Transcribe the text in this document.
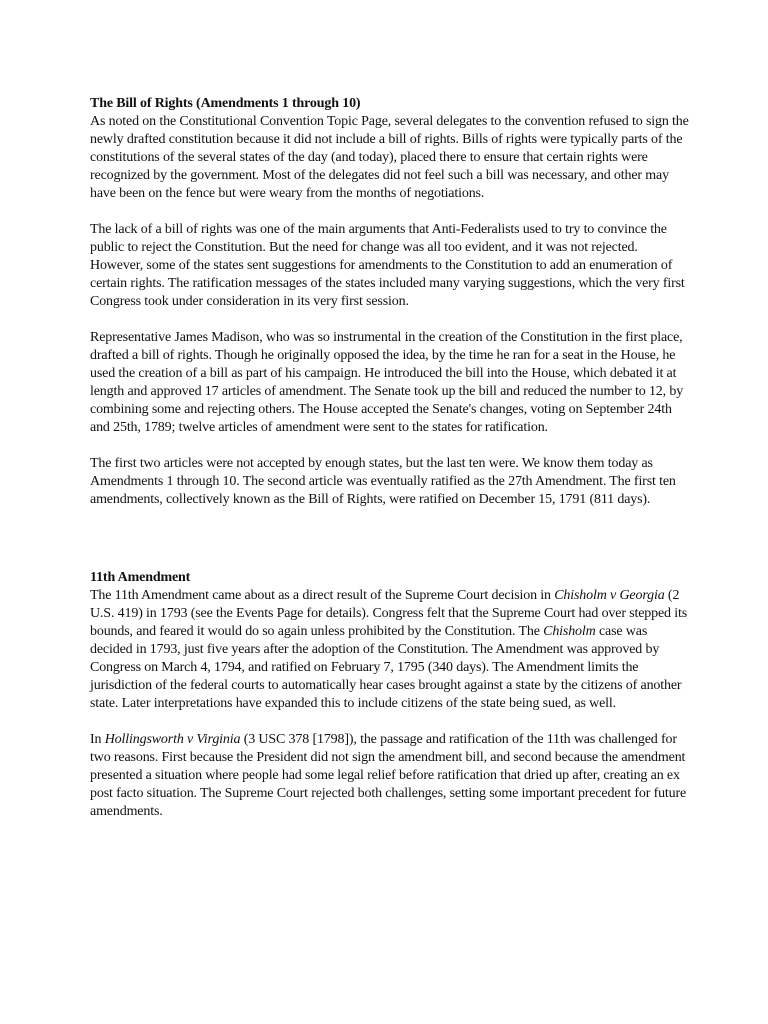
The Bill of Rights (Amendments 1 through 10)

As noted on the Constitutional Convention Topic Page, several delegates to the convention refused to sign the newly drafted constitution because it did not include a bill of rights. Bills of rights were typically parts of the constitutions of the several states of the day (and today), placed there to ensure that certain rights were recognized by the government. Most of the delegates did not feel such a bill was necessary, and other may have been on the fence but were weary from the months of negotiations.

The lack of a bill of rights was one of the main arguments that Anti-Federalists used to try to convince the public to reject the Constitution. But the need for change was all too evident, and it was not rejected. However, some of the states sent suggestions for amendments to the Constitution to add an enumeration of certain rights. The ratification messages of the states included many varying suggestions, which the very first Congress took under consideration in its very first session.

Representative James Madison, who was so instrumental in the creation of the Constitution in the first place, drafted a bill of rights. Though he originally opposed the idea, by the time he ran for a seat in the House, he used the creation of a bill as part of his campaign. He introduced the bill into the House, which debated it at length and approved 17 articles of amendment. The Senate took up the bill and reduced the number to 12, by combining some and rejecting others. The House accepted the Senate's changes, voting on September 24th and 25th, 1789; twelve articles of amendment were sent to the states for ratification.

The first two articles were not accepted by enough states, but the last ten were. We know them today as Amendments 1 through 10. The second article was eventually ratified as the 27th Amendment. The first ten amendments, collectively known as the Bill of Rights, were ratified on December 15, 1791 (811 days).

11th Amendment

The 11th Amendment came about as a direct result of the Supreme Court decision in Chisholm v Georgia (2 U.S. 419) in 1793 (see the Events Page for details). Congress felt that the Supreme Court had over stepped its bounds, and feared it would do so again unless prohibited by the Constitution. The Chisholm case was decided in 1793, just five years after the adoption of the Constitution. The Amendment was approved by Congress on March 4, 1794, and ratified on February 7, 1795 (340 days). The Amendment limits the jurisdiction of the federal courts to automatically hear cases brought against a state by the citizens of another state. Later interpretations have expanded this to include citizens of the state being sued, as well.

In Hollingsworth v Virginia (3 USC 378 [1798]), the passage and ratification of the 11th was challenged for two reasons. First because the President did not sign the amendment bill, and second because the amendment presented a situation where people had some legal relief before ratification that dried up after, creating an ex post facto situation. The Supreme Court rejected both challenges, setting some important precedent for future amendments.
